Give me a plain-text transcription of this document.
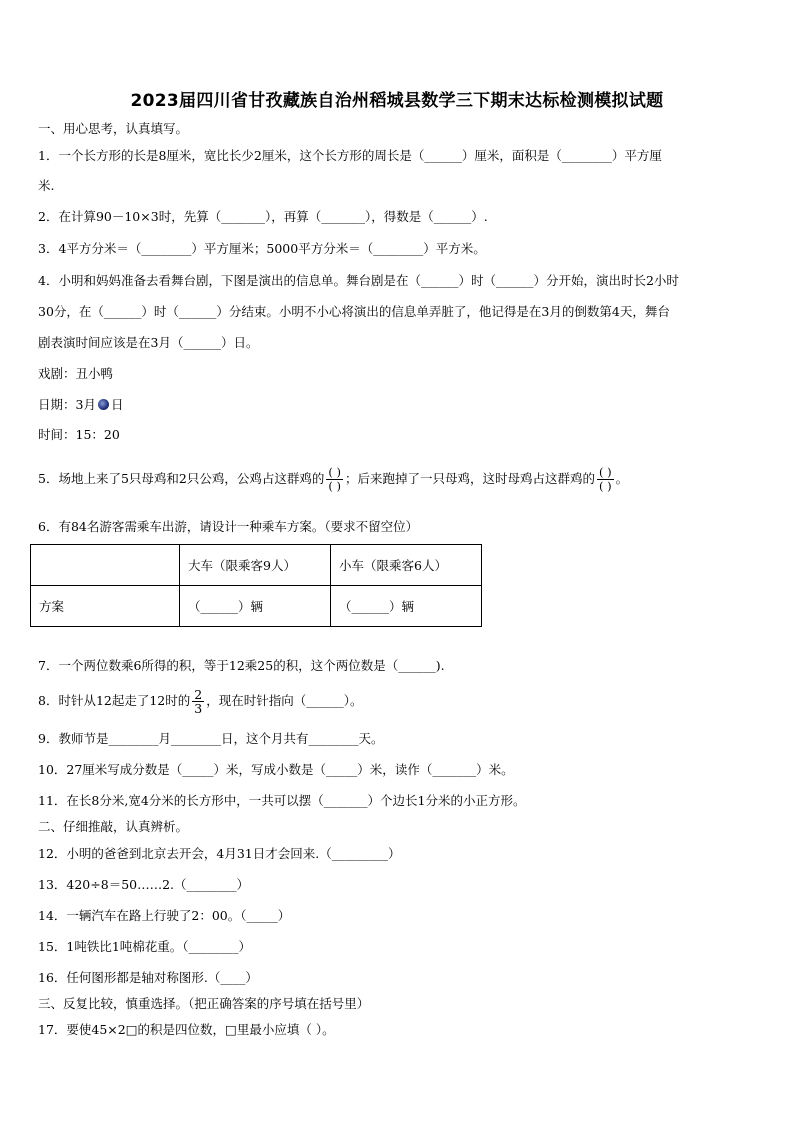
2023届四川省甘孜藏族自治州稻城县数学三下期末达标检测模拟试题
一、用心思考，认真填写。
1．一个长方形的长是8厘米，宽比长少2厘米，这个长方形的周长是（______）厘米，面积是（________）平方厘
米.
2．在计算90－10×3时，先算（_______），再算（_______），得数是（______）.
3．4平方分米＝（________）平方厘米；5000平方分米＝（________）平方米。
4．小明和妈妈准备去看舞台剧，下图是演出的信息单。舞台剧是在（______）时（______）分开始，演出时长2小时
30分，在（______）时（______）分结束。小明不小心将演出的信息单弄脏了，他记得是在3月的倒数第4天，舞台
剧表演时间应该是在3月（______）日。
戏剧：丑小鸭
日期：3月 日
时间：15：20
5．场地上来了5只母鸡和2只公鸡，公鸡占这群鸡的 $\frac{( )}{( )}$ ；后来跑掉了一只母鸡，这时母鸡占这群鸡的 $\frac{( )}{( )}$ 。
6．有84名游客需乘车出游，请设计一种乘车方案。（要求不留空位）
	大车（限乘客9人）	小车（限乘客6人）
方案	（______）辆	（______）辆
7．一个两位数乘6所得的积，等于12乘25的积，这个两位数是（______).
8．时针从12起走了12时的 $\frac{2}{3}$ ，现在时针指向（______）。
9．教师节是________月________日，这个月共有________天。
10．27厘米写成分数是（_____）米，写成小数是（_____）米，读作（_______）米。
11．在长8分米,宽4分米的长方形中，一共可以摆（_______）个边长1分米的小正方形。
二、仔细推敲，认真辨析。
12．小明的爸爸到北京去开会，4月31日才会回来.（_________）
13．420÷8＝50……2.（________）
14．一辆汽车在路上行驶了2：00。（_____）
15．1吨铁比1吨棉花重。（________）
16．任何图形都是轴对称图形.（____）
三、反复比较，慎重选择。（把正确答案的序号填在括号里）
17．要使45×2□的积是四位数，□里最小应填（ ）。
